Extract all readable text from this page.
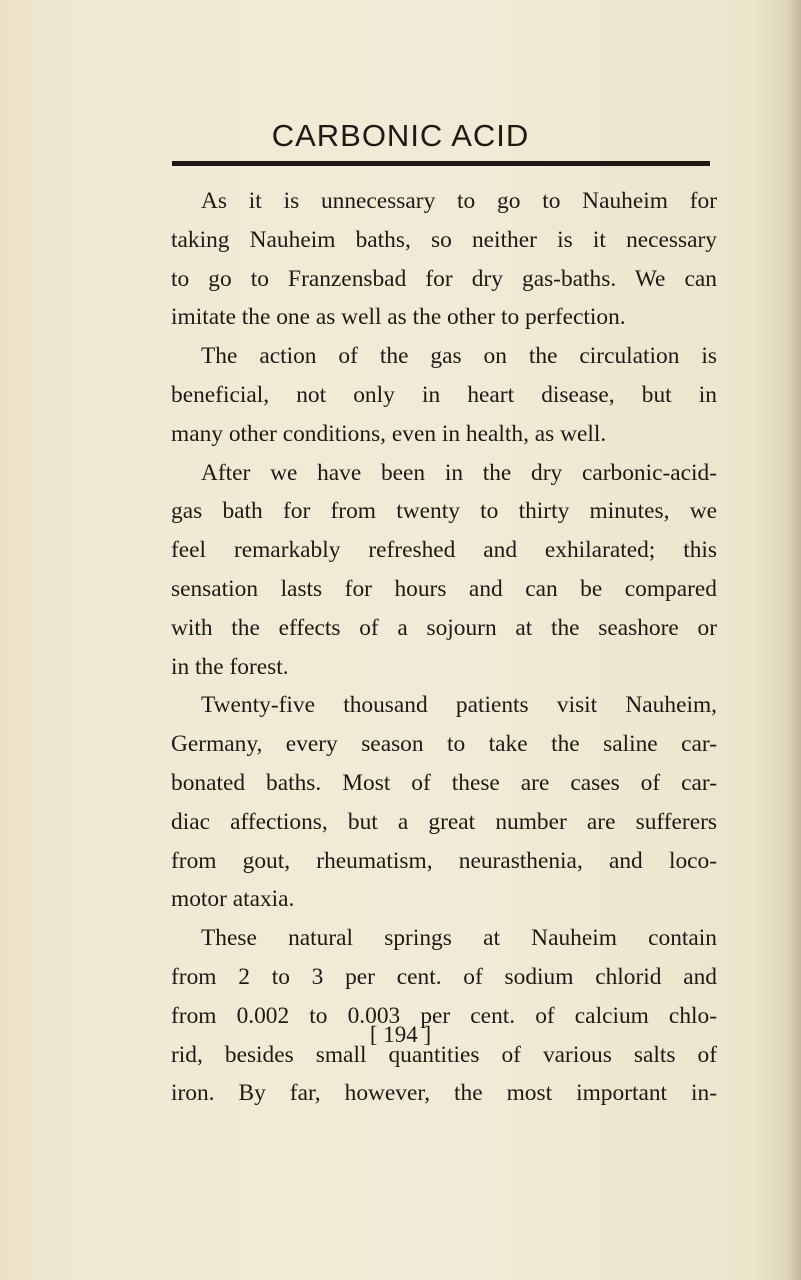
CARBONIC ACID

As it is unnecessary to go to Nauheim for
taking Nauheim baths, so neither is it necessary
to go to Franzensbad for dry gas-baths. We can
imitate the one as well as the other to perfection.

The action of the gas on the circulation is
beneficial, not only in heart disease, but in
many other conditions, even in health, as well.

After we have been in the dry carbonic-acid-
gas bath for from twenty to thirty minutes, we
feel remarkably refreshed and exhilarated; this
sensation lasts for hours and can be compared
with the effects of a sojourn at the seashore or
in the forest.

Twenty-five thousand patients visit Nauheim,
Germany, every season to take the saline car-
bonated baths. Most of these are cases of car-
diac affections, but a great number are sufferers
from gout, rheumatism, neurasthenia, and loco-
motor ataxia.

These natural springs at Nauheim contain
from 2 to 3 per cent. of sodium chlorid and
from 0.002 to 0.003 per cent. of calcium chlo-
rid, besides small quantities of various salts of
iron. By far, however, the most important in-

[ 194 ]
